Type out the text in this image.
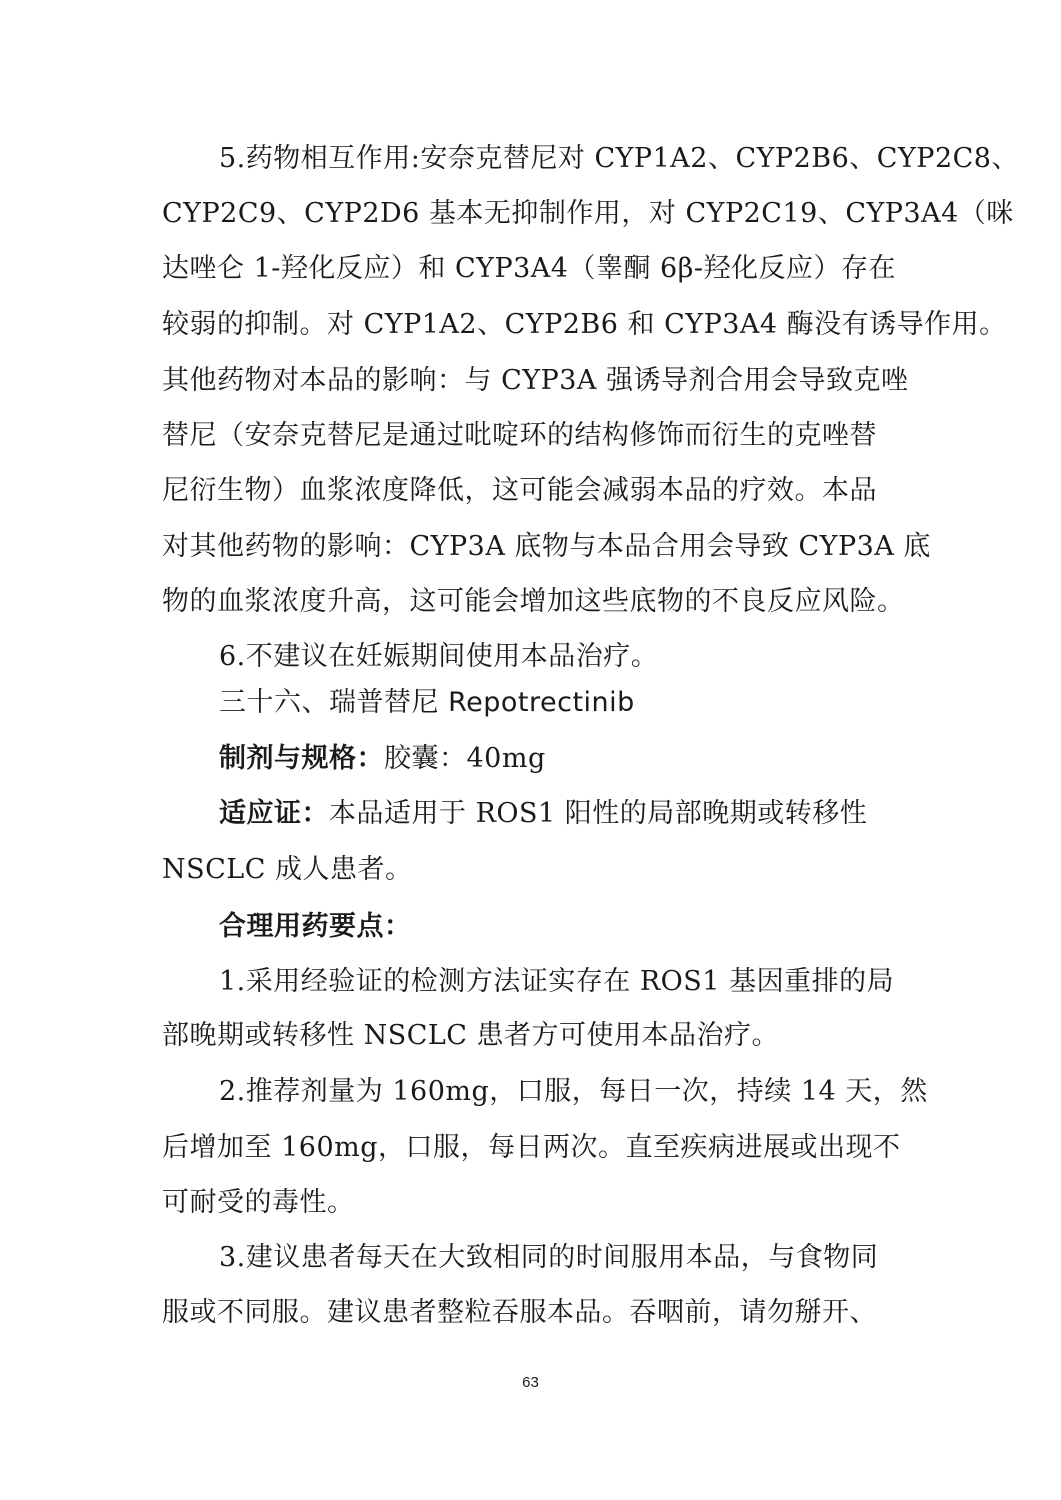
5.药物相互作用:安奈克替尼对 CYP1A2、CYP2B6、CYP2C8、
CYP2C9、CYP2D6 基本无抑制作用，对 CYP2C19、CYP3A4（咪
达唑仑 1-羟化反应）和 CYP3A4（睾酮 6β-羟化反应）存在
较弱的抑制。对 CYP1A2、CYP2B6 和 CYP3A4 酶没有诱导作用。
其他药物对本品的影响：与 CYP3A 强诱导剂合用会导致克唑
替尼（安奈克替尼是通过吡啶环的结构修饰而衍生的克唑替
尼衍生物）血浆浓度降低，这可能会减弱本品的疗效。本品
对其他药物的影响：CYP3A 底物与本品合用会导致 CYP3A 底
物的血浆浓度升高，这可能会增加这些底物的不良反应风险。
6.不建议在妊娠期间使用本品治疗。
三十六、瑞普替尼 Repotrectinib
制剂与规格：胶囊：40mg
适应证：本品适用于 ROS1 阳性的局部晚期或转移性
NSCLC 成人患者。
合理用药要点：
1.采用经验证的检测方法证实存在 ROS1 基因重排的局
部晚期或转移性 NSCLC 患者方可使用本品治疗。
2.推荐剂量为 160mg，口服，每日一次，持续 14 天，然
后增加至 160mg，口服，每日两次。直至疾病进展或出现不
可耐受的毒性。
3.建议患者每天在大致相同的时间服用本品，与食物同
服或不同服。建议患者整粒吞服本品。吞咽前，请勿掰开、
63
